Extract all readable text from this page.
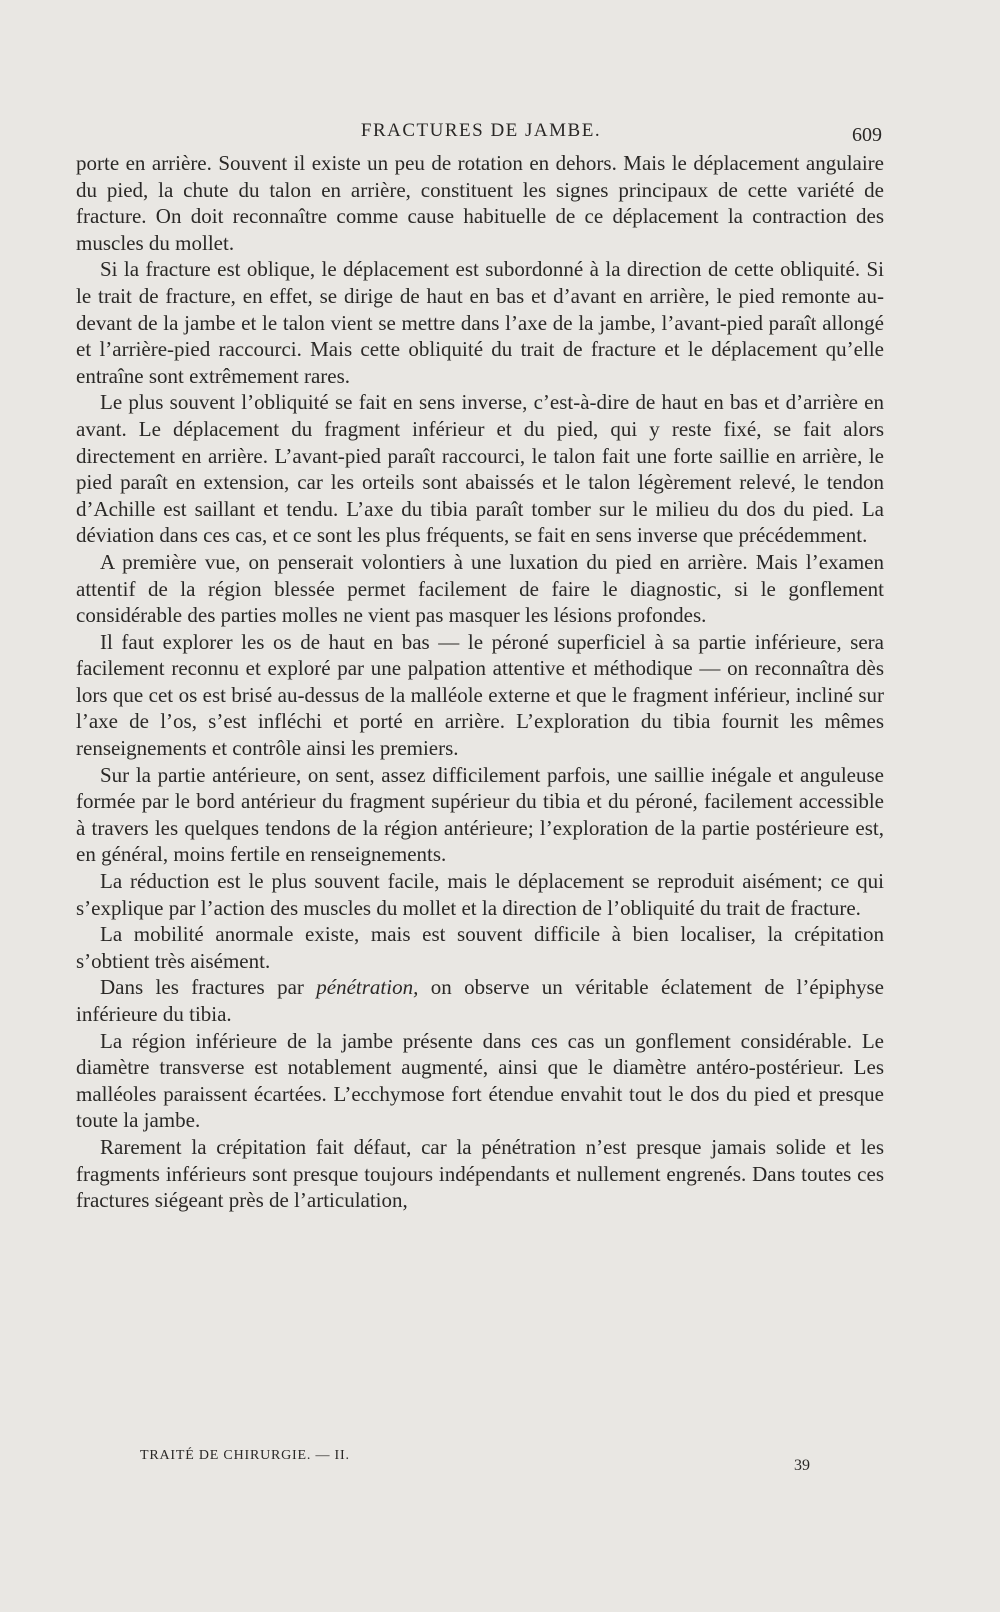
FRACTURES DE JAMBE.	609

porte en arrière. Souvent il existe un peu de rotation en dehors. Mais le déplacement angulaire du pied, la chute du talon en arrière, constituent les signes principaux de cette variété de fracture. On doit reconnaître comme cause habituelle de ce déplacement la contraction des muscles du mollet.

Si la fracture est oblique, le déplacement est subordonné à la direction de cette obliquité. Si le trait de fracture, en effet, se dirige de haut en bas et d’avant en arrière, le pied remonte au-devant de la jambe et le talon vient se mettre dans l’axe de la jambe, l’avant-pied paraît allongé et l’arrière-pied raccourci. Mais cette obliquité du trait de fracture et le déplacement qu’elle entraîne sont extrêmement rares.

Le plus souvent l’obliquité se fait en sens inverse, c’est-à-dire de haut en bas et d’arrière en avant. Le déplacement du fragment inférieur et du pied, qui y reste fixé, se fait alors directement en arrière. L’avant-pied paraît raccourci, le talon fait une forte saillie en arrière, le pied paraît en extension, car les orteils sont abaissés et le talon légèrement relevé, le tendon d’Achille est saillant et tendu. L’axe du tibia paraît tomber sur le milieu du dos du pied. La déviation dans ces cas, et ce sont les plus fréquents, se fait en sens inverse que précédemment.

A première vue, on penserait volontiers à une luxation du pied en arrière. Mais l’examen attentif de la région blessée permet facilement de faire le diagnostic, si le gonflement considérable des parties molles ne vient pas masquer les lésions profondes.

Il faut explorer les os de haut en bas — le péroné superficiel à sa partie inférieure, sera facilement reconnu et exploré par une palpation attentive et méthodique — on reconnaîtra dès lors que cet os est brisé au-dessus de la malléole externe et que le fragment inférieur, incliné sur l’axe de l’os, s’est infléchi et porté en arrière. L’exploration du tibia fournit les mêmes renseignements et contrôle ainsi les premiers.

Sur la partie antérieure, on sent, assez difficilement parfois, une saillie inégale et anguleuse formée par le bord antérieur du fragment supérieur du tibia et du péroné, facilement accessible à travers les quelques tendons de la région antérieure; l’exploration de la partie postérieure est, en général, moins fertile en renseignements.

La réduction est le plus souvent facile, mais le déplacement se reproduit aisément; ce qui s’explique par l’action des muscles du mollet et la direction de l’obliquité du trait de fracture.

La mobilité anormale existe, mais est souvent difficile à bien localiser, la crépitation s’obtient très aisément.

Dans les fractures par pénétration, on observe un véritable éclatement de l’épiphyse inférieure du tibia.

La région inférieure de la jambe présente dans ces cas un gonflement considérable. Le diamètre transverse est notablement augmenté, ainsi que le diamètre antéro-postérieur. Les malléoles paraissent écartées. L’ecchymose fort étendue envahit tout le dos du pied et presque toute la jambe.

Rarement la crépitation fait défaut, car la pénétration n’est presque jamais solide et les fragments inférieurs sont presque toujours indépendants et nullement engrenés. Dans toutes ces fractures siégeant près de l’articulation,

TRAITÉ DE CHIRURGIE. — II.
39
